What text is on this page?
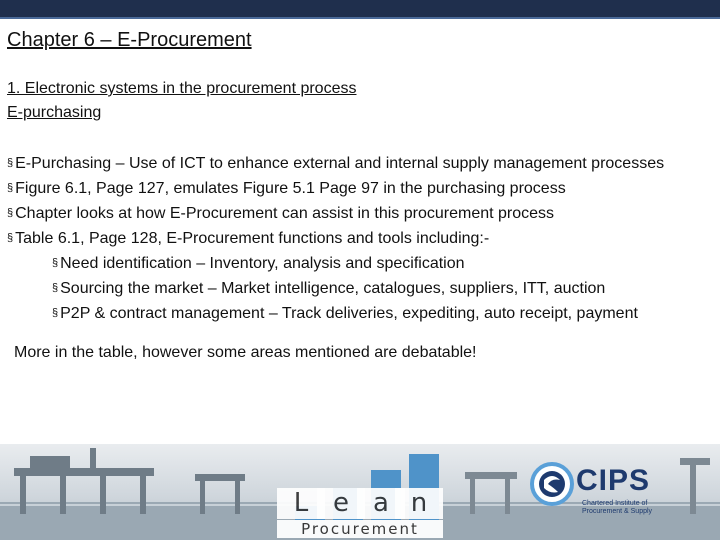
Chapter 6 – E-Procurement
1. Electronic systems in the procurement process
E-purchasing
§ E-Purchasing – Use of ICT to enhance external and internal supply management processes
§ Figure 6.1, Page 127, emulates Figure 5.1 Page 97 in the purchasing process
§ Chapter looks at how E-Procurement can assist in this procurement process
§ Table 6.1, Page 128, E-Procurement functions and tools including:-
§ Need identification – Inventory, analysis and specification
§ Sourcing the market – Market intelligence, catalogues, suppliers, ITT, auction
§ P2P & contract management – Track deliveries, expediting, auto receipt, payment
More in the table, however some areas mentioned are debatable!
L e a n
Procurement
CIPS
Chartered Institute of Procurement & Supply
